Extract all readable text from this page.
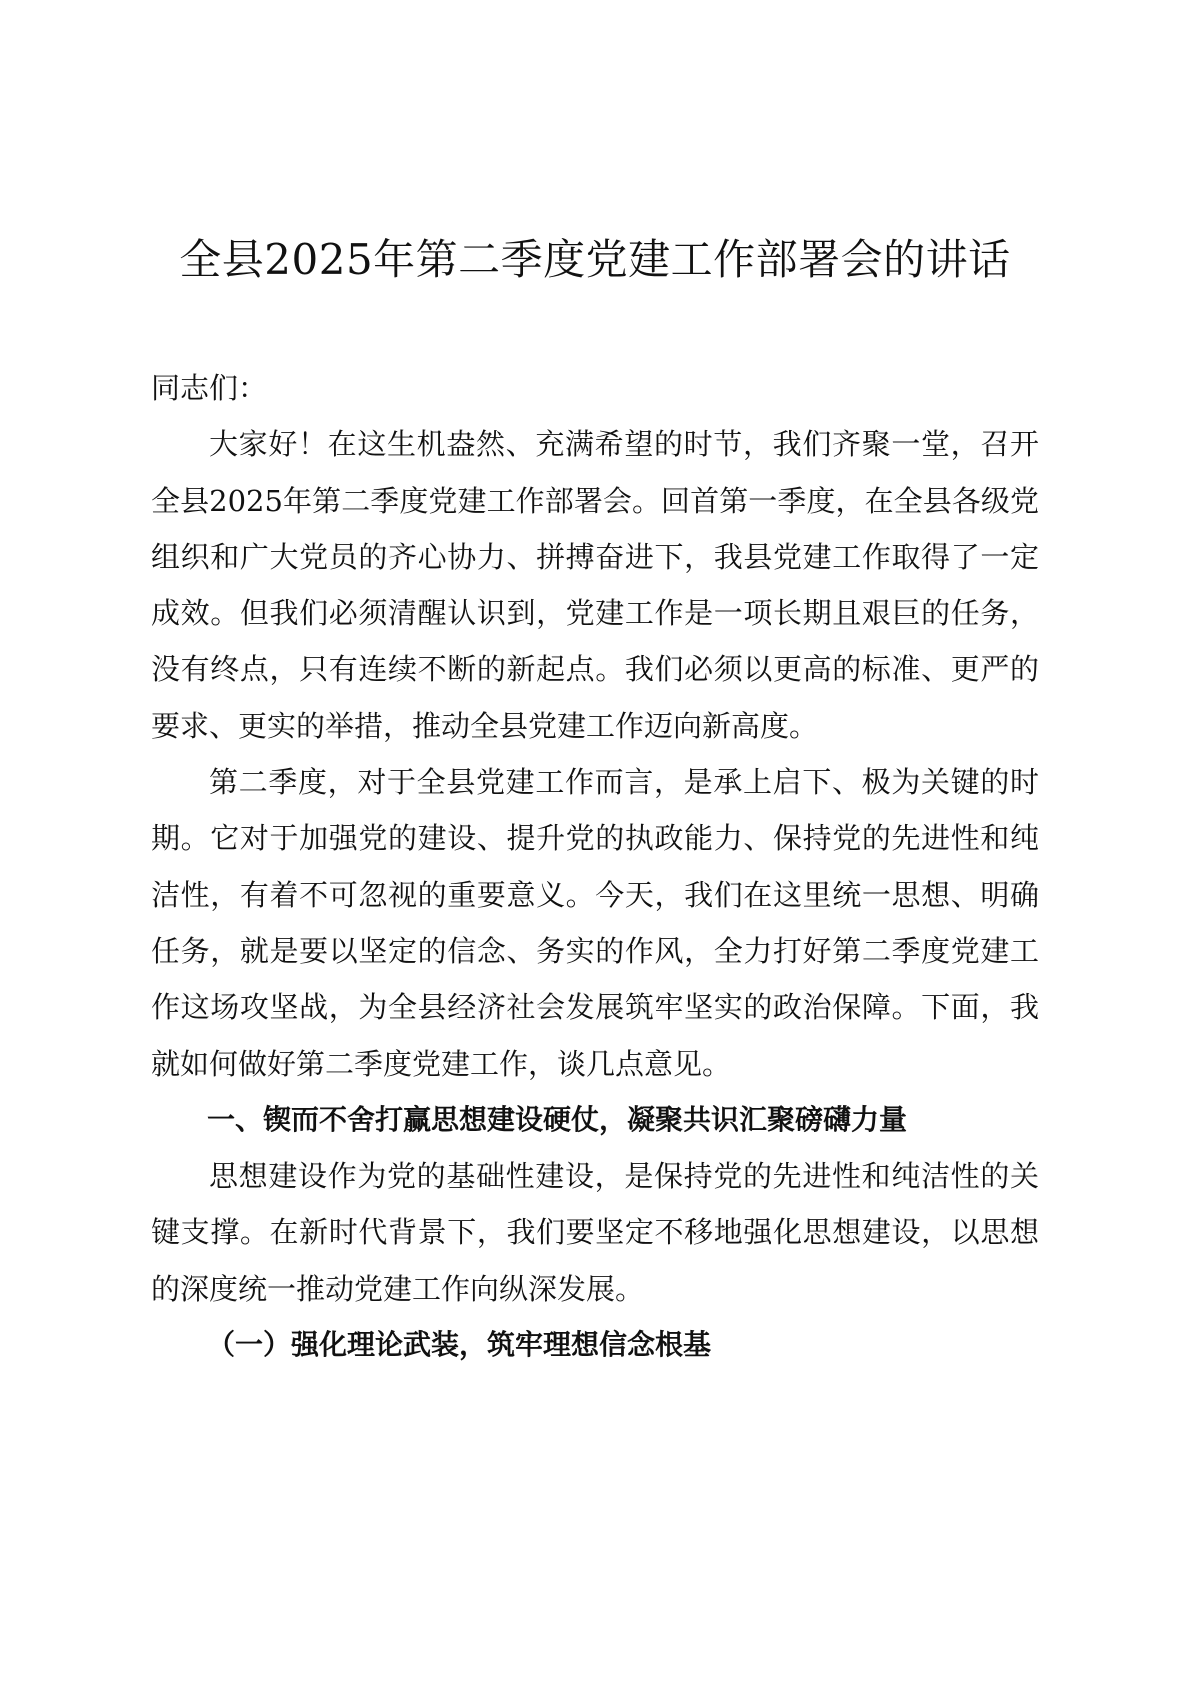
全县2025年第二季度党建工作部署会的讲话

同志们：

大家好！在这生机盎然、充满希望的时节，我们齐聚一堂，召开全县2025年第二季度党建工作部署会。回首第一季度，在全县各级党组织和广大党员的齐心协力、拼搏奋进下，我县党建工作取得了一定成效。但我们必须清醒认识到，党建工作是一项长期且艰巨的任务，没有终点，只有连续不断的新起点。我们必须以更高的标准、更严的要求、更实的举措，推动全县党建工作迈向新高度。

第二季度，对于全县党建工作而言，是承上启下、极为关键的时期。它对于加强党的建设、提升党的执政能力、保持党的先进性和纯洁性，有着不可忽视的重要意义。今天，我们在这里统一思想、明确任务，就是要以坚定的信念、务实的作风，全力打好第二季度党建工作这场攻坚战，为全县经济社会发展筑牢坚实的政治保障。下面，我就如何做好第二季度党建工作，谈几点意见。

一、锲而不舍打赢思想建设硬仗，凝聚共识汇聚磅礴力量

思想建设作为党的基础性建设，是保持党的先进性和纯洁性的关键支撑。在新时代背景下，我们要坚定不移地强化思想建设，以思想的深度统一推动党建工作向纵深发展。

（一）强化理论武装，筑牢理想信念根基
